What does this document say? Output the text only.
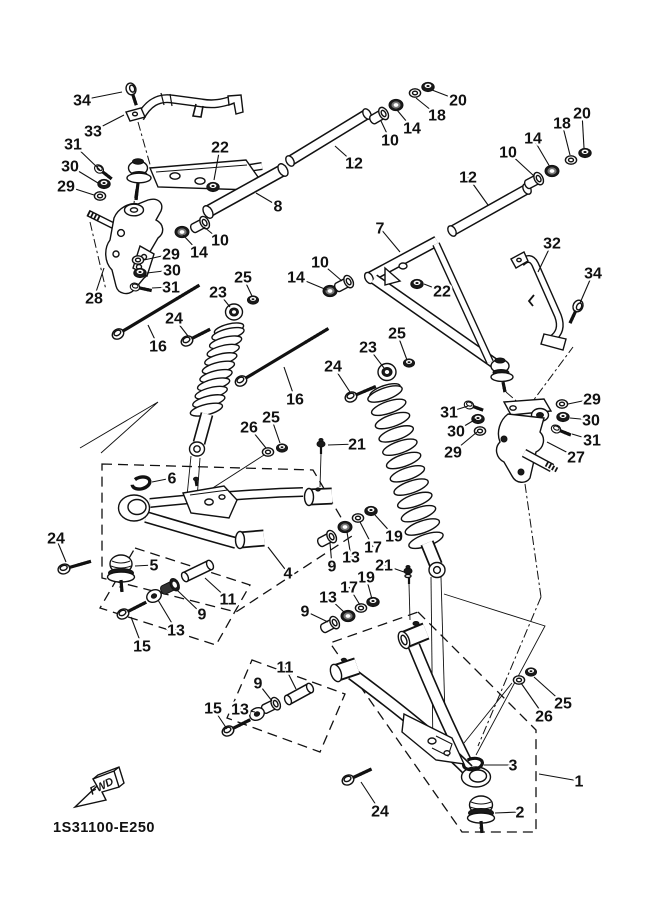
FWD
1S31100-E250
34
33
31
30
29
28
22
8
10
14
29
30
31
12
10
14
18
20
12
10
14
18
20
7
32
34
22
10
14
25
23
24
16
25
23
24
16	29
30
31
27
31
30
29
26
25
6
21
24
5	4
11
9
13
15
19
17
13
9 21
19
17
13
9
11
9
13
15	25
26
3
1
2
24
